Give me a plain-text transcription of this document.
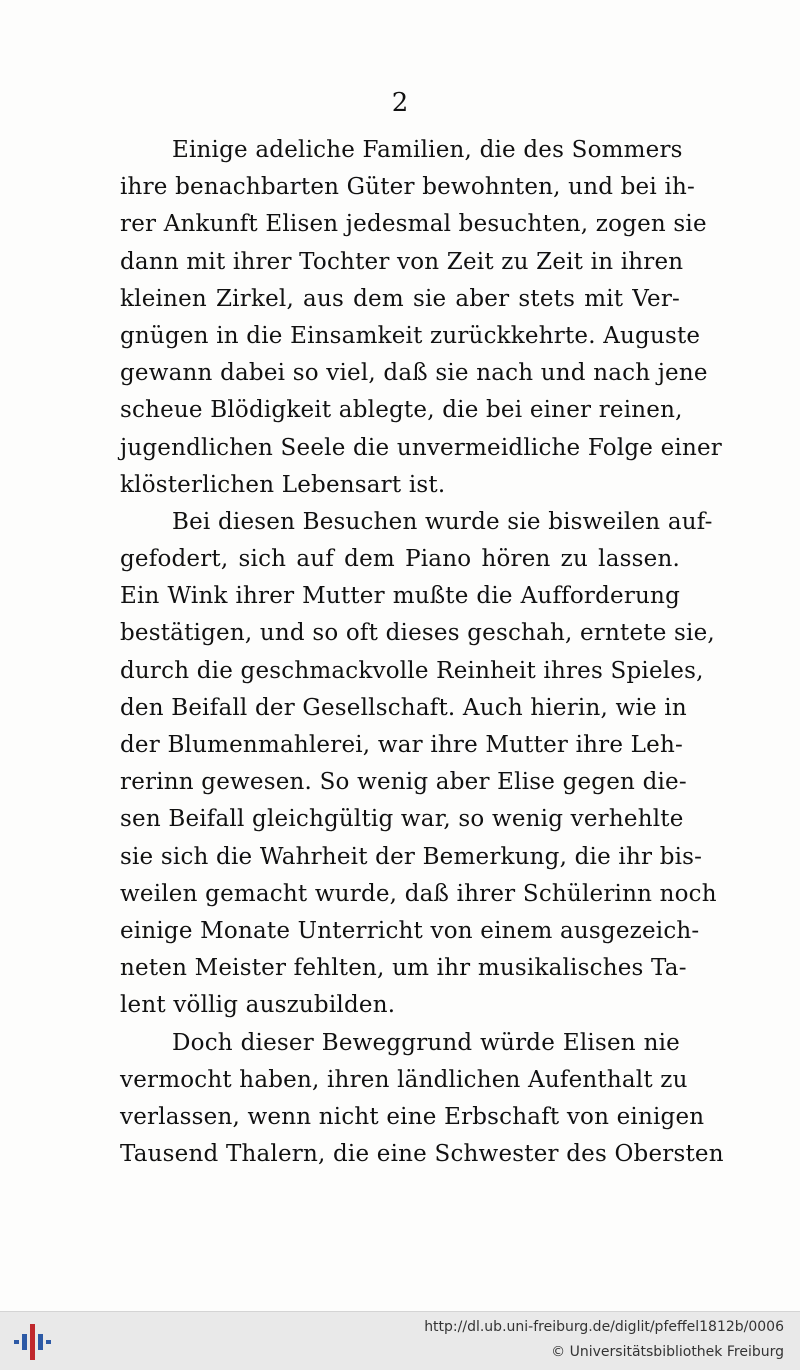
2
Einige adeliche Familien, die des Sommers
ihre benachbarten Güter bewohnten, und bei ih-
rer Ankunft Elisen jedesmal besuchten, zogen sie
dann mit ihrer Tochter von Zeit zu Zeit in ihren
kleinen Zirkel, aus dem sie aber stets mit Ver-
gnügen in die Einsamkeit zurückkehrte. Auguste
gewann dabei so viel, daß sie nach und nach jene
scheue Blödigkeit ablegte, die bei einer reinen,
jugendlichen Seele die unvermeidliche Folge einer
klösterlichen Lebensart ist.
Bei diesen Besuchen wurde sie bisweilen auf-
gefodert, sich auf dem Piano hören zu lassen.
Ein Wink ihrer Mutter mußte die Aufforderung
bestätigen, und so oft dieses geschah, erntete sie,
durch die geschmackvolle Reinheit ihres Spieles,
den Beifall der Gesellschaft. Auch hierin, wie in
der Blumenmahlerei, war ihre Mutter ihre Leh-
rerinn gewesen. So wenig aber Elise gegen die-
sen Beifall gleichgültig war, so wenig verhehlte
sie sich die Wahrheit der Bemerkung, die ihr bis-
weilen gemacht wurde, daß ihrer Schülerinn noch
einige Monate Unterricht von einem ausgezeich-
neten Meister fehlten, um ihr musikalisches Ta-
lent völlig auszubilden.
Doch dieser Beweggrund würde Elisen nie
vermocht haben, ihren ländlichen Aufenthalt zu
verlassen, wenn nicht eine Erbschaft von einigen
Tausend Thalern, die eine Schwester des Obersten
http://dl.ub.uni-freiburg.de/diglit/pfeffel1812b/0006
© Universitätsbibliothek Freiburg
